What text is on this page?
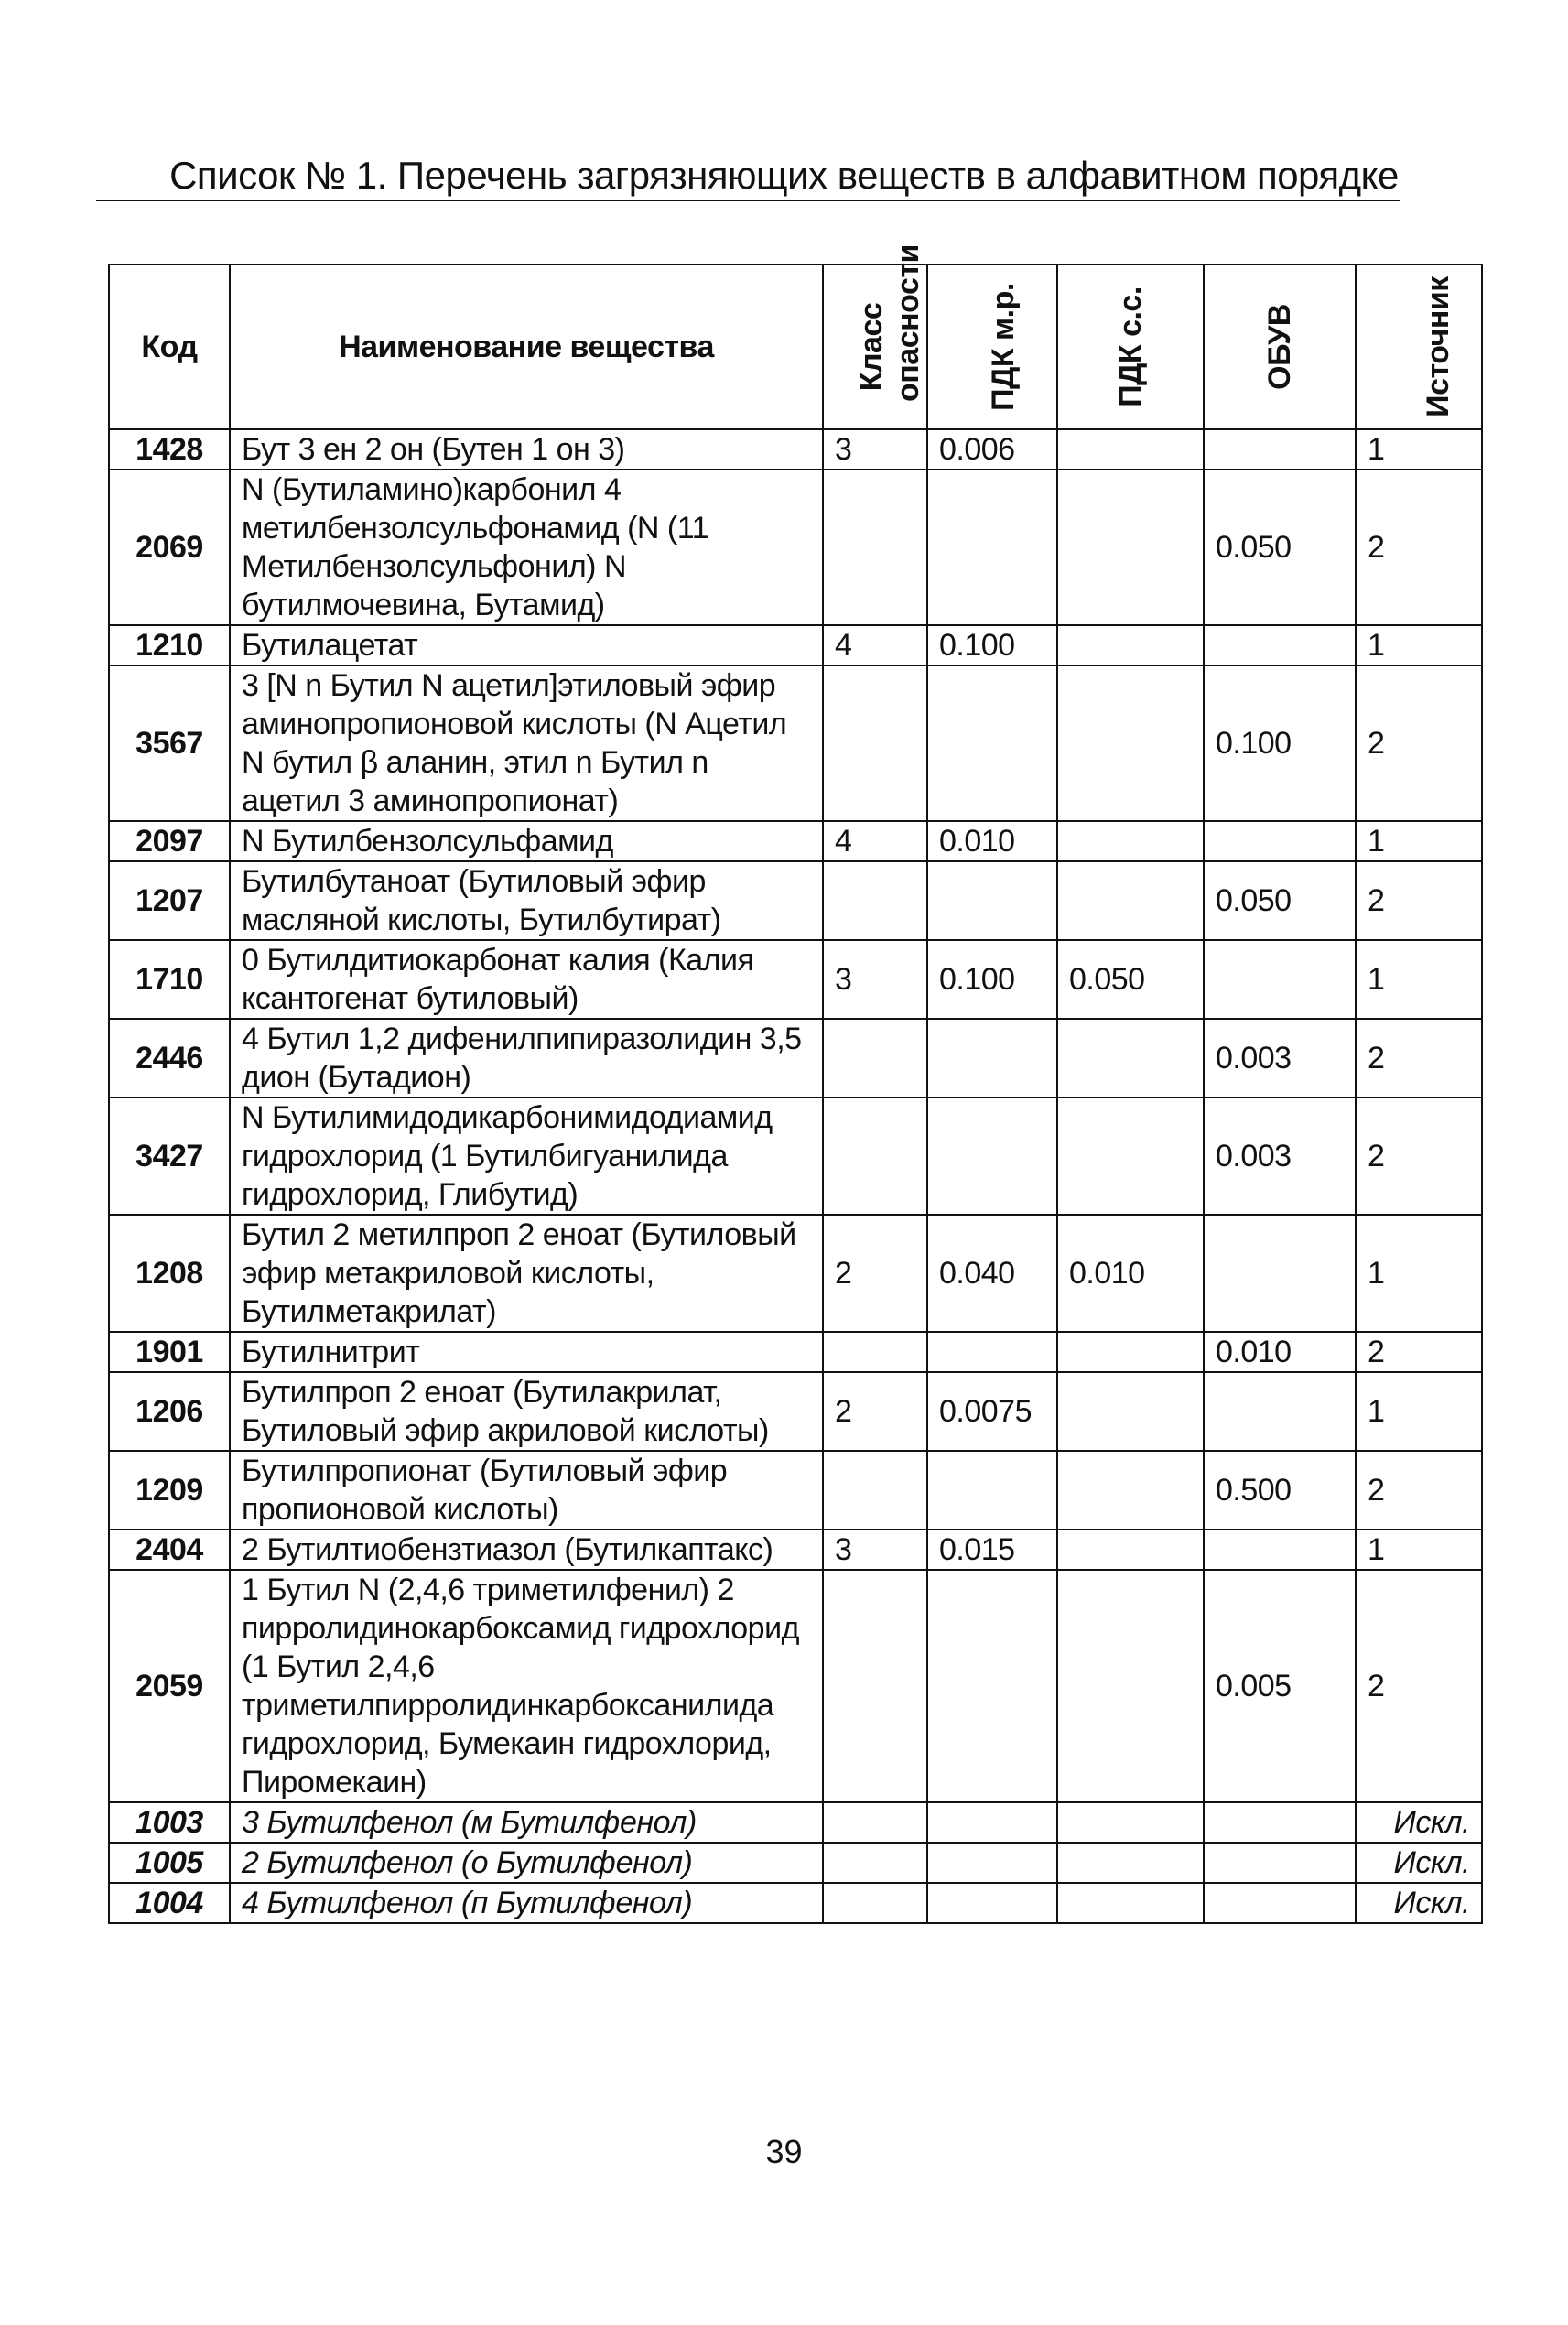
Список № 1. Перечень загрязняющих веществ в алфавитном порядке
Код	Наименование вещества	Класс опасности	ПДК м.р.	ПДК с.с.	ОБУВ	Источник
1428	Бут 3 ен 2 он (Бутен 1 он 3)	3	0.006			1
2069	N (Бутиламино)карбонил 4 метилбензолсульфонамид (N (11 Метилбензолсульфонил) N бутилмочевина, Бутамид)				0.050	2
1210	Бутилацетат	4	0.100			1
3567	3 [N n Бутил N ацетил]этиловый эфир аминопропионовой кислоты (N Ацетил N бутил β аланин, этил n Бутил n ацетил 3 аминопропионат)				0.100	2
2097	N Бутилбензолсульфамид	4	0.010			1
1207	Бутилбутаноат (Бутиловый эфир масляной кислоты, Бутилбутират)				0.050	2
1710	0 Бутилдитиокарбонат калия (Калия ксантогенат бутиловый)	3	0.100	0.050		1
2446	4 Бутил 1,2 дифенилпипиразолидин 3,5 дион (Бутадион)				0.003	2
3427	N Бутилимидодикарбонимидодиамид гидрохлорид (1 Бутилбигуанилида гидрохлорид, Глибутид)				0.003	2
1208	Бутил 2 метилпроп 2 еноат (Бутиловый эфир метакриловой кислоты, Бутилметакрилат)	2	0.040	0.010		1
1901	Бутилнитрит				0.010	2
1206	Бутилпроп 2 еноат (Бутилакрилат, Бутиловый эфир акриловой кислоты)	2	0.0075			1
1209	Бутилпропионат (Бутиловый эфир пропионовой кислоты)				0.500	2
2404	2 Бутилтиобензтиазол (Бутилкаптакс)	3	0.015			1
2059	1 Бутил N (2,4,6 триметилфенил) 2 пирролидинокарбоксамид гидрохлорид (1 Бутил 2,4,6 триметилпирролидинкарбоксанилида гидрохлорид, Бумекаин гидрохлорид, Пиромекаин)				0.005	2
1003	3 Бутилфенол (м Бутилфенол)					Искл.
1005	2 Бутилфенол (о Бутилфенол)					Искл.
1004	4 Бутилфенол (п Бутилфенол)					Искл.
39
